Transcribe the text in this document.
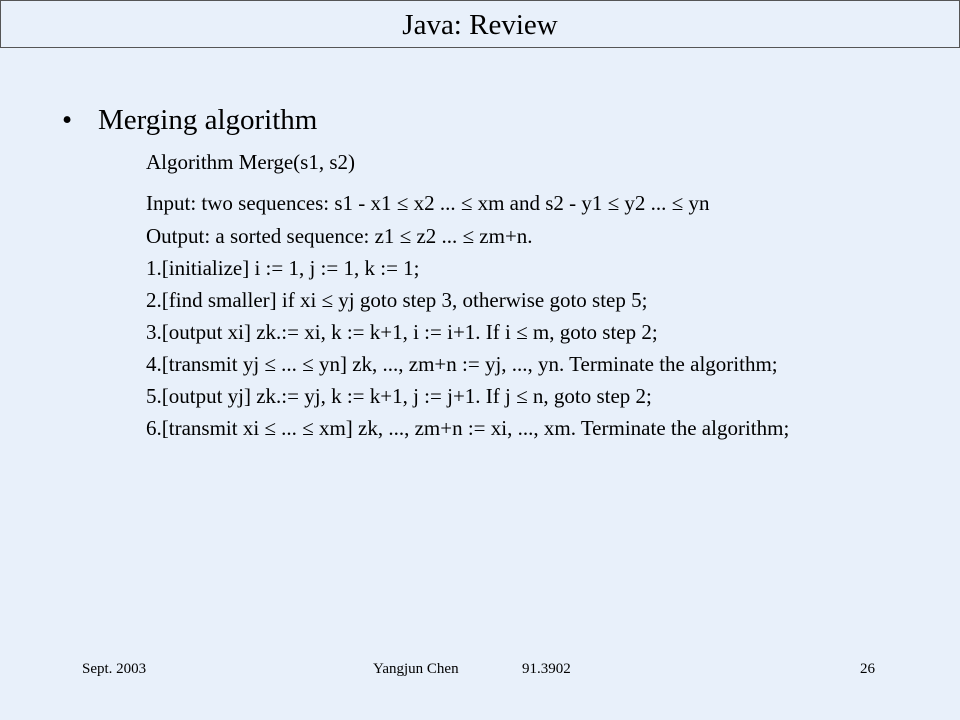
Java: Review
• Merging algorithm
Algorithm Merge(s1, s2)
Input: two sequences: s1 - x1 ≤ x2 ... ≤ xm and s2 - y1 ≤ y2 ... ≤ yn
Output: a sorted sequence: z1 ≤ z2 ... ≤ zm+n.
1.[initialize] i := 1, j := 1, k := 1;
2.[find smaller] if xi ≤ yj goto step 3, otherwise goto step 5;
3.[output xi] zk.:= xi, k := k+1, i := i+1. If i ≤ m, goto step 2;
4.[transmit yj ≤ ... ≤ yn] zk, ..., zm+n := yj, ..., yn. Terminate the algorithm;
5.[output yj] zk.:= yj, k := k+1, j := j+1. If j ≤ n, goto step 2;
6.[transmit xi ≤ ... ≤ xm] zk, ..., zm+n := xi, ..., xm. Terminate the algorithm;
Sept. 2003	Yangjun Chen	91.3902	26
